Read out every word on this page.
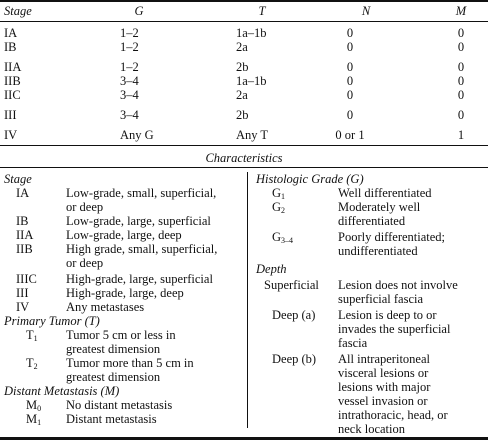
Stage	G	T	N	M
IA	1–2	1a–1b	0	0
IB	1–2	2a	0	0
IIA	1–2	2b	0	0
IIB	3–4	1a–1b	0	0
IIC	3–4	2a	0	0
III	3–4	2b	0	0
IV	Any G	Any T	0 or 1	1
Characteristics
Stage
IA	Low-grade, small, superficial,
or deep
IB	Low-grade, large, superficial
IIA	Low-grade, large, deep
IIB	High grade, small, superficial,
or deep
IIIC High-grade, large, superficial
III	High-grade, large, deep
IV	Any metastases
Primary Tumor (T)
$T_1$ Tumor 5 cm or less in
greatest dimension
$T_2$ Tumor more than 5 cm in
greatest dimension
Distant Metastasis (M)
$M_0$ No distant metastasis
$M_1$ Distant metastasis
Histologic Grade (G)
$G_1$	Well differentiated
$G_2$	Moderately well
differentiated
$G_{3-4}$	Poorly differentiated;
undifferentiated
Depth
Superficial Lesion does not involve
superficial fascia
Deep (a) Lesion is deep to or
invades the superficial
fascia
Deep (b) All intraperitoneal
visceral lesions or
lesions with major
vessel invasion or
intrathoracic, head, or
neck location
